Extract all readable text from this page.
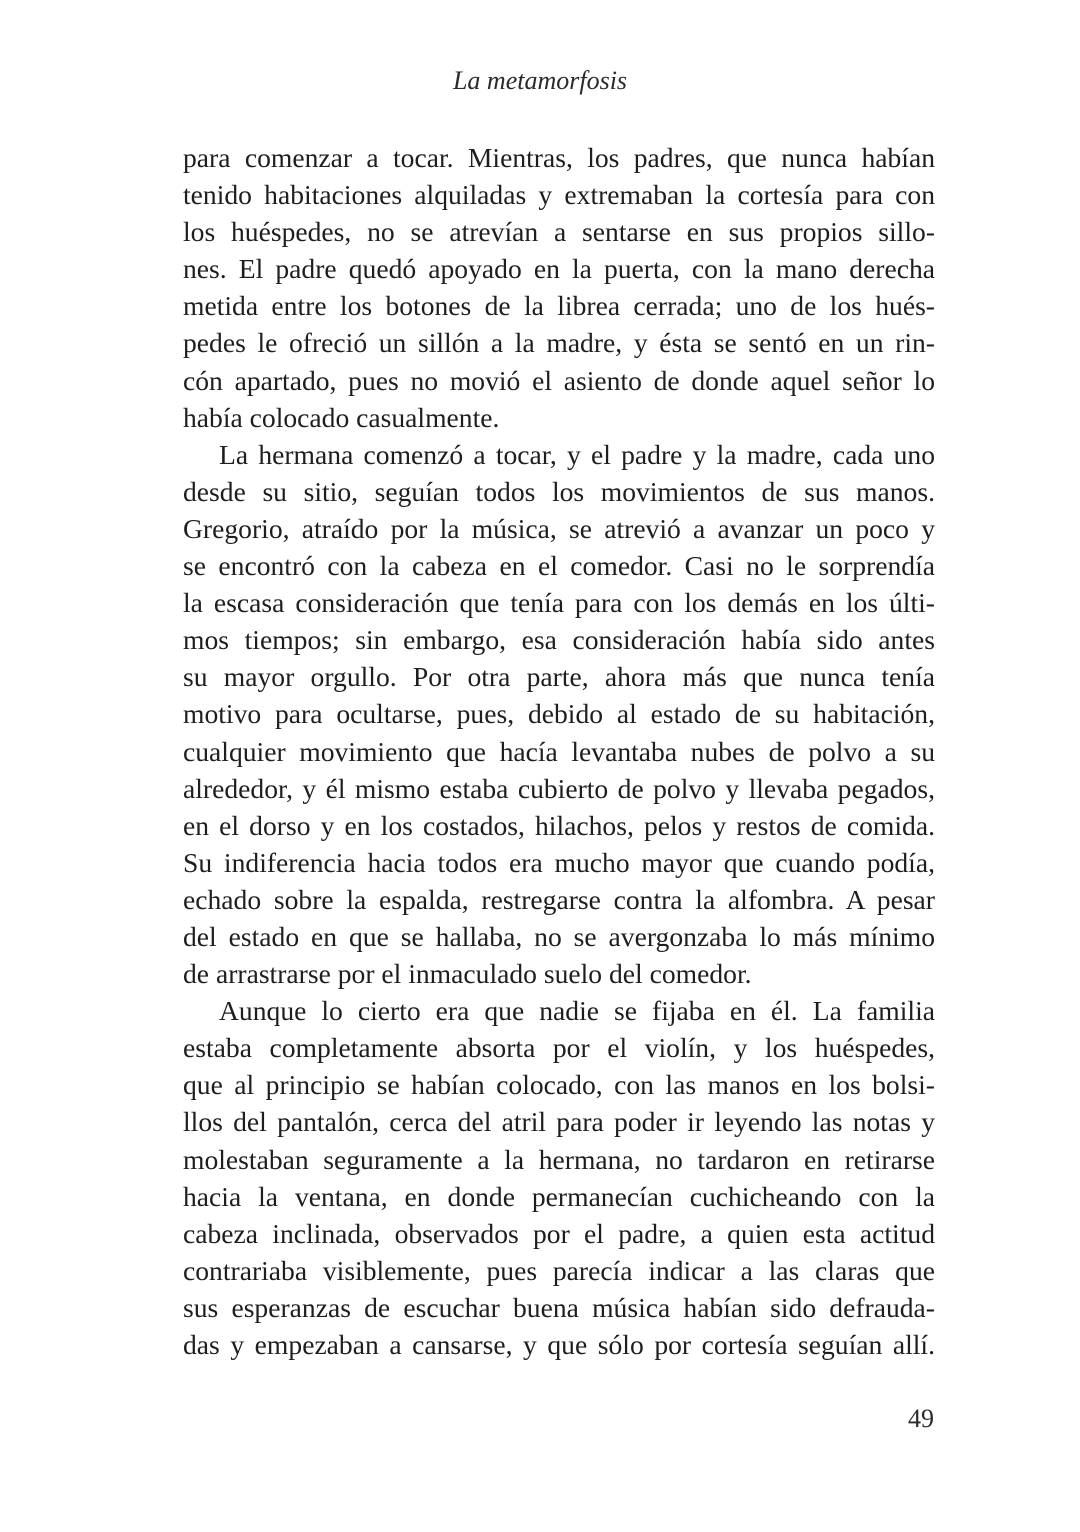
La metamorfosis
para comenzar a tocar. Mientras, los padres, que nunca habían
tenido habitaciones alquiladas y extremaban la cortesía para con
los huéspedes, no se atrevían a sentarse en sus propios sillo-
nes. El padre quedó apoyado en la puerta, con la mano derecha
metida entre los botones de la librea cerrada; uno de los hués-
pedes le ofreció un sillón a la madre, y ésta se sentó en un rin-
cón apartado, pues no movió el asiento de donde aquel señor lo
había colocado casualmente.
La hermana comenzó a tocar, y el padre y la madre, cada uno
desde su sitio, seguían todos los movimientos de sus manos.
Gregorio, atraído por la música, se atrevió a avanzar un poco y
se encontró con la cabeza en el comedor. Casi no le sorprendía
la escasa consideración que tenía para con los demás en los últi-
mos tiempos; sin embargo, esa consideración había sido antes
su mayor orgullo. Por otra parte, ahora más que nunca tenía
motivo para ocultarse, pues, debido al estado de su habitación,
cualquier movimiento que hacía levantaba nubes de polvo a su
alrededor, y él mismo estaba cubierto de polvo y llevaba pegados,
en el dorso y en los costados, hilachos, pelos y restos de comida.
Su indiferencia hacia todos era mucho mayor que cuando podía,
echado sobre la espalda, restregarse contra la alfombra. A pesar
del estado en que se hallaba, no se avergonzaba lo más mínimo
de arrastrarse por el inmaculado suelo del comedor.
Aunque lo cierto era que nadie se fijaba en él. La familia
estaba completamente absorta por el violín, y los huéspedes,
que al principio se habían colocado, con las manos en los bolsi-
llos del pantalón, cerca del atril para poder ir leyendo las notas y
molestaban seguramente a la hermana, no tardaron en retirarse
hacia la ventana, en donde permanecían cuchicheando con la
cabeza inclinada, observados por el padre, a quien esta actitud
contrariaba visiblemente, pues parecía indicar a las claras que
sus esperanzas de escuchar buena música habían sido defrauda-
das y empezaban a cansarse, y que sólo por cortesía seguían allí.
49
